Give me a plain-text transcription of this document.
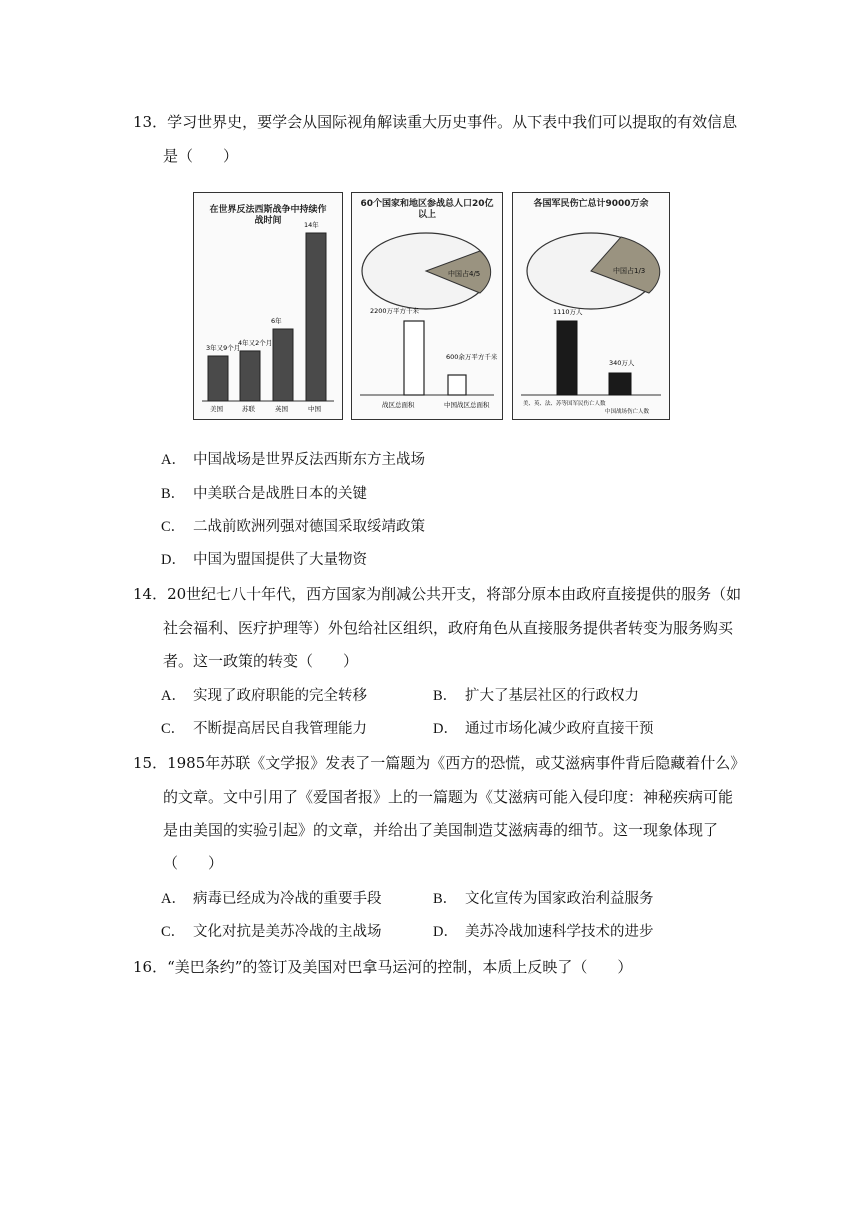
13．学习世界史，要学会从国际视角解读重大历史事件。从下表中我们可以提取的有效信息
是（　　）
在世界反法西斯战争中持续作战时间
3年又9个月
美国
4年又2个月
苏联
6年
英国
14年
中国
60个国家和地区参战总人口20亿以上
中国占4/5
2200万平方千米
600余万平方千米
战区总面积	中国战区总面积
各国军民伤亡总计9000万余
中国占1/3
1110万人
340万人
美、英、法、苏等国军民伤亡人数
中国战场伤亡人数
A． 中国战场是世界反法西斯东方主战场
B． 中美联合是战胜日本的关键
C． 二战前欧洲列强对德国采取绥靖政策
D． 中国为盟国提供了大量物资
14．20世纪七八十年代，西方国家为削减公共开支，将部分原本由政府直接提供的服务（如
社会福利、医疗护理等）外包给社区组织，政府角色从直接服务提供者转变为服务购买
者。这一政策的转变（　　）
A． 实现了政府职能的完全转移	B． 扩大了基层社区的行政权力
C． 不断提高居民自我管理能力	D． 通过市场化减少政府直接干预
15．1985年苏联《文学报》发表了一篇题为《西方的恐慌，或艾滋病事件背后隐藏着什么》
的文章。文中引用了《爱国者报》上的一篇题为《艾滋病可能入侵印度：神秘疾病可能
是由美国的实验引起》的文章，并给出了美国制造艾滋病毒的细节。这一现象体现了
（　　）
A． 病毒已经成为冷战的重要手段	B． 文化宣传为国家政治利益服务
C． 文化对抗是美苏冷战的主战场	D． 美苏冷战加速科学技术的进步
16．“美巴条约”的签订及美国对巴拿马运河的控制，本质上反映了（　　）
